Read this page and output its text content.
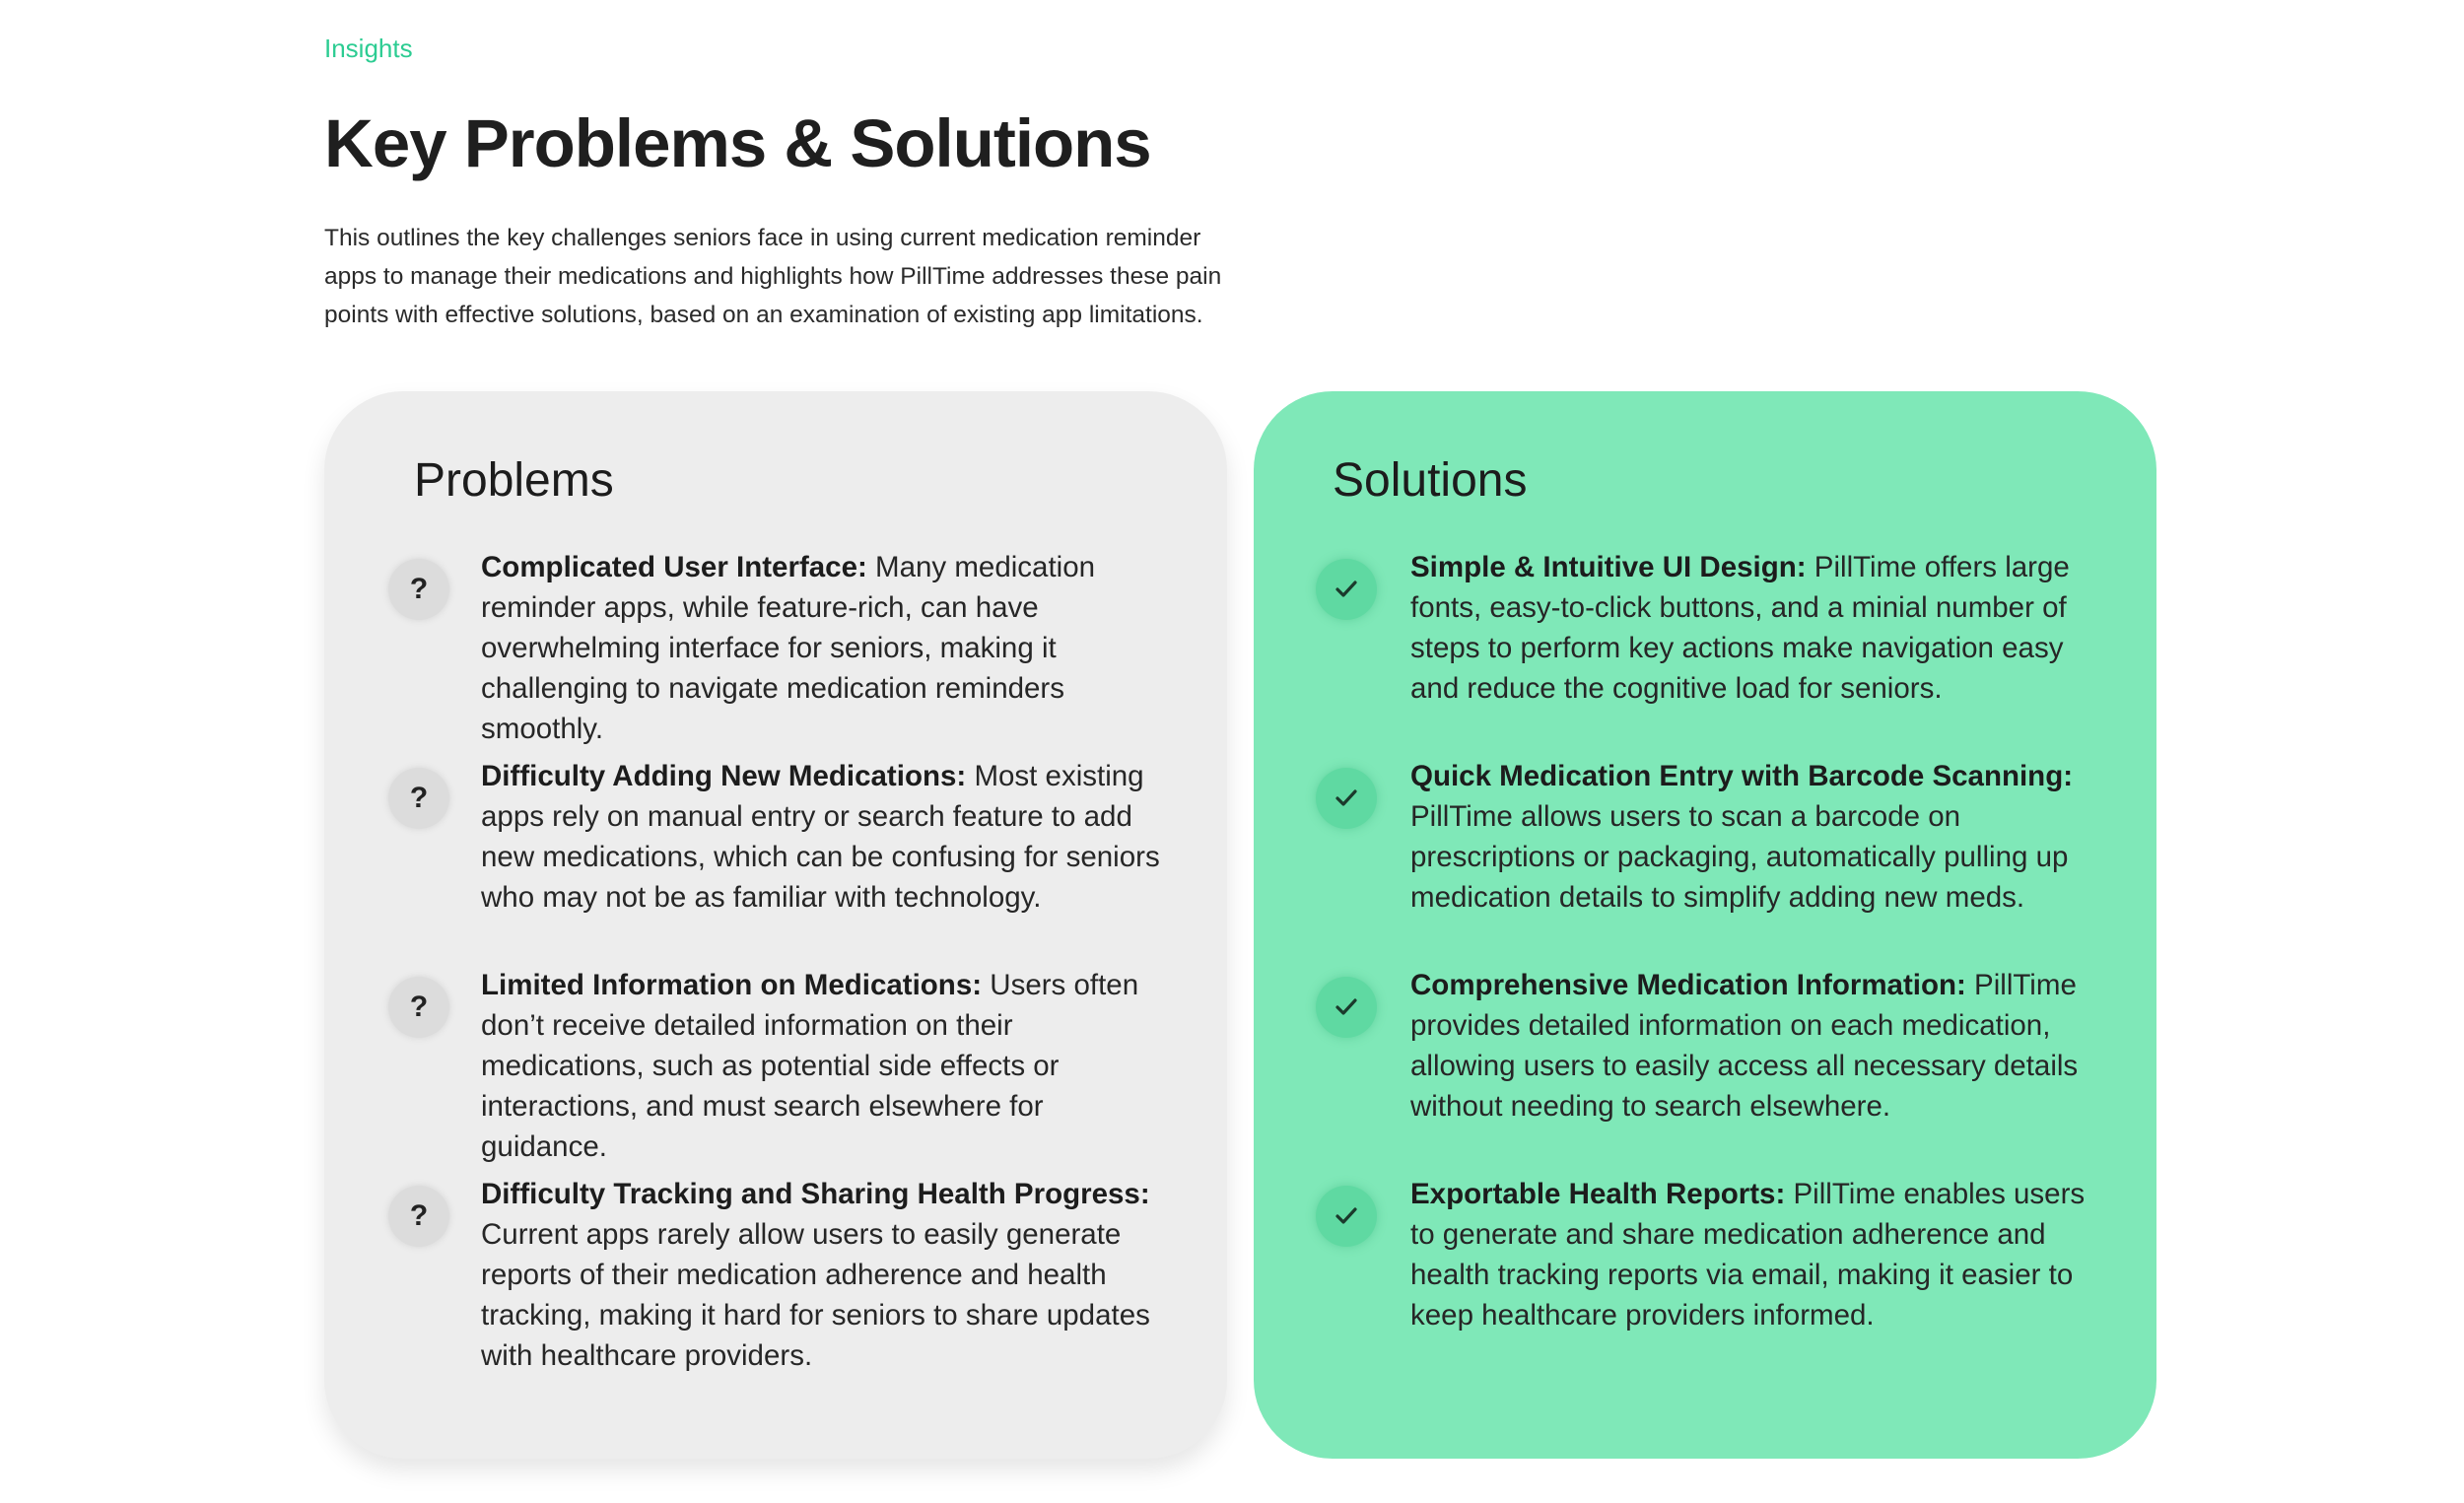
Insights

Key Problems & Solutions

This outlines the key challenges seniors face in using current medication reminder apps to manage their medications and highlights how PillTime addresses these pain points with effective solutions, based on an examination of existing app limitations.

Problems
?

Complicated User Interface: Many medication reminder apps, while feature-rich, can have overwhelming interface for seniors, making it challenging to navigate medication reminders smoothly.

?

Difficulty Adding New Medications: Most existing apps rely on manual entry or search feature to add new medications, which can be confusing for seniors who may not be as familiar with technology.

?

Limited Information on Medications: Users often don’t receive detailed information on their medications, such as potential side effects or interactions, and must search elsewhere for guidance.

?

Difficulty Tracking and Sharing Health Progress: Current apps rarely allow users to easily generate reports of their medication adherence and health tracking, making it hard for seniors to share updates with healthcare providers.

Solutions

Simple & Intuitive UI Design: PillTime offers large fonts, easy-to-click buttons, and a minial number of steps to perform key actions make navigation easy and reduce the cognitive load for seniors.

Quick Medication Entry with Barcode Scanning: PillTime allows users to scan a barcode on prescriptions or packaging, automatically pulling up medication details to simplify adding new meds.

Comprehensive Medication Information: PillTime provides detailed information on each medication, allowing users to easily access all necessary details without needing to search elsewhere.

Exportable Health Reports: PillTime enables users to generate and share medication adherence and health tracking reports via email, making it easier to keep healthcare providers informed.
